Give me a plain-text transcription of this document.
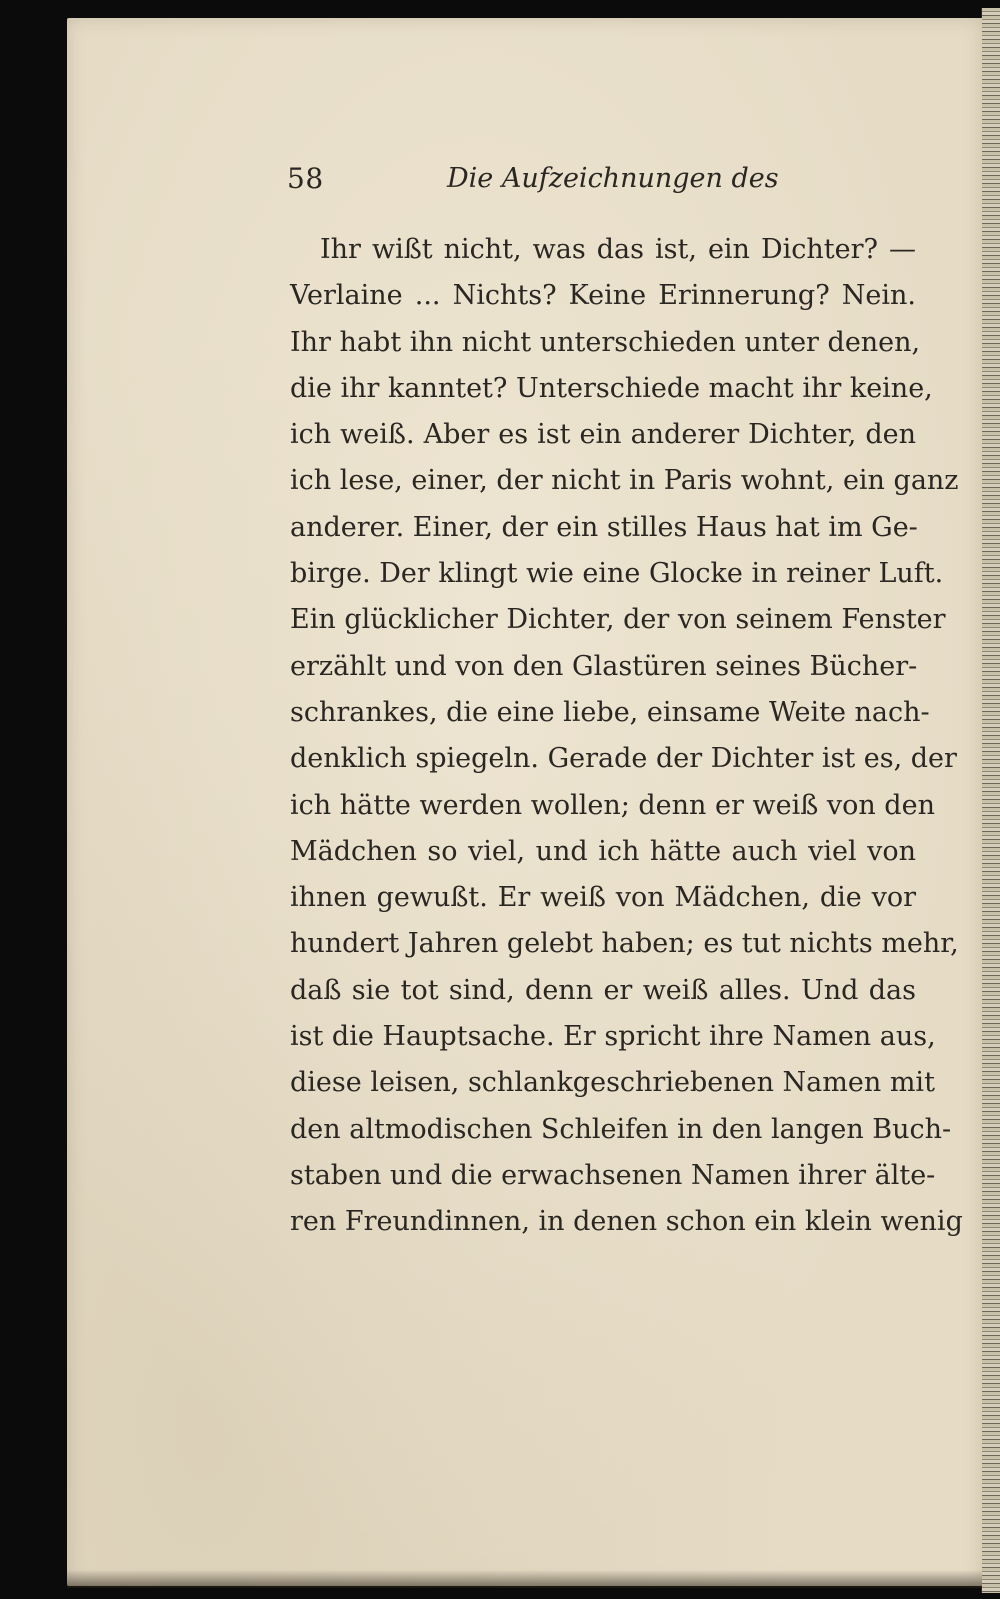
58	Die Aufzeichnungen des
Ihr wißt nicht, was das ist, ein Dichter? —
Verlaine ... Nichts? Keine Erinnerung? Nein.
Ihr habt ihn nicht unterschieden unter denen,
die ihr kanntet? Unterschiede macht ihr keine,
ich weiß. Aber es ist ein anderer Dichter, den
ich lese, einer, der nicht in Paris wohnt, ein ganz
anderer. Einer, der ein stilles Haus hat im Ge-
birge. Der klingt wie eine Glocke in reiner Luft.
Ein glücklicher Dichter, der von seinem Fenster
erzählt und von den Glastüren seines Bücher-
schrankes, die eine liebe, einsame Weite nach-
denklich spiegeln. Gerade der Dichter ist es, der
ich hätte werden wollen; denn er weiß von den
Mädchen so viel, und ich hätte auch viel von
ihnen gewußt. Er weiß von Mädchen, die vor
hundert Jahren gelebt haben; es tut nichts mehr,
daß sie tot sind, denn er weiß alles. Und das
ist die Hauptsache. Er spricht ihre Namen aus,
diese leisen, schlankgeschriebenen Namen mit
den altmodischen Schleifen in den langen Buch-
staben und die erwachsenen Namen ihrer älte-
ren Freundinnen, in denen schon ein klein wenig
